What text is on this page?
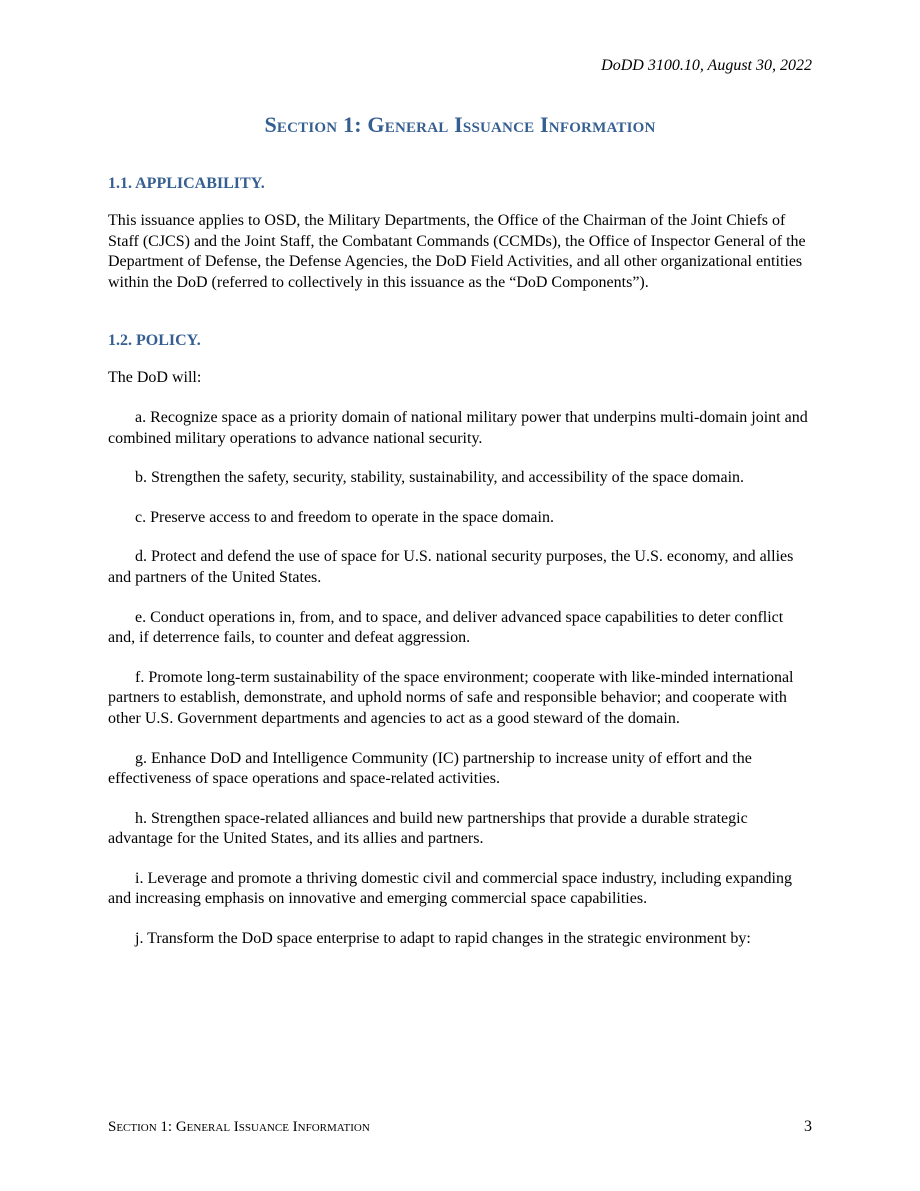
DoDD 3100.10, August 30, 2022
Section 1: General Issuance Information

1.1. APPLICABILITY.

This issuance applies to OSD, the Military Departments, the Office of the Chairman of the Joint Chiefs of Staff (CJCS) and the Joint Staff, the Combatant Commands (CCMDs), the Office of Inspector General of the Department of Defense, the Defense Agencies, the DoD Field Activities, and all other organizational entities within the DoD (referred to collectively in this issuance as the “DoD Components”).

1.2. POLICY.

The DoD will:

a. Recognize space as a priority domain of national military power that underpins multi-domain joint and combined military operations to advance national security.

b. Strengthen the safety, security, stability, sustainability, and accessibility of the space domain.

c. Preserve access to and freedom to operate in the space domain.

d. Protect and defend the use of space for U.S. national security purposes, the U.S. economy, and allies and partners of the United States.

e. Conduct operations in, from, and to space, and deliver advanced space capabilities to deter conflict and, if deterrence fails, to counter and defeat aggression.

f. Promote long-term sustainability of the space environment; cooperate with like-minded international partners to establish, demonstrate, and uphold norms of safe and responsible behavior; and cooperate with other U.S. Government departments and agencies to act as a good steward of the domain.

g. Enhance DoD and Intelligence Community (IC) partnership to increase unity of effort and the effectiveness of space operations and space-related activities.

h. Strengthen space-related alliances and build new partnerships that provide a durable strategic advantage for the United States, and its allies and partners.

i. Leverage and promote a thriving domestic civil and commercial space industry, including expanding and increasing emphasis on innovative and emerging commercial space capabilities.

j. Transform the DoD space enterprise to adapt to rapid changes in the strategic environment by:

Section 1: General Issuance Information	3
